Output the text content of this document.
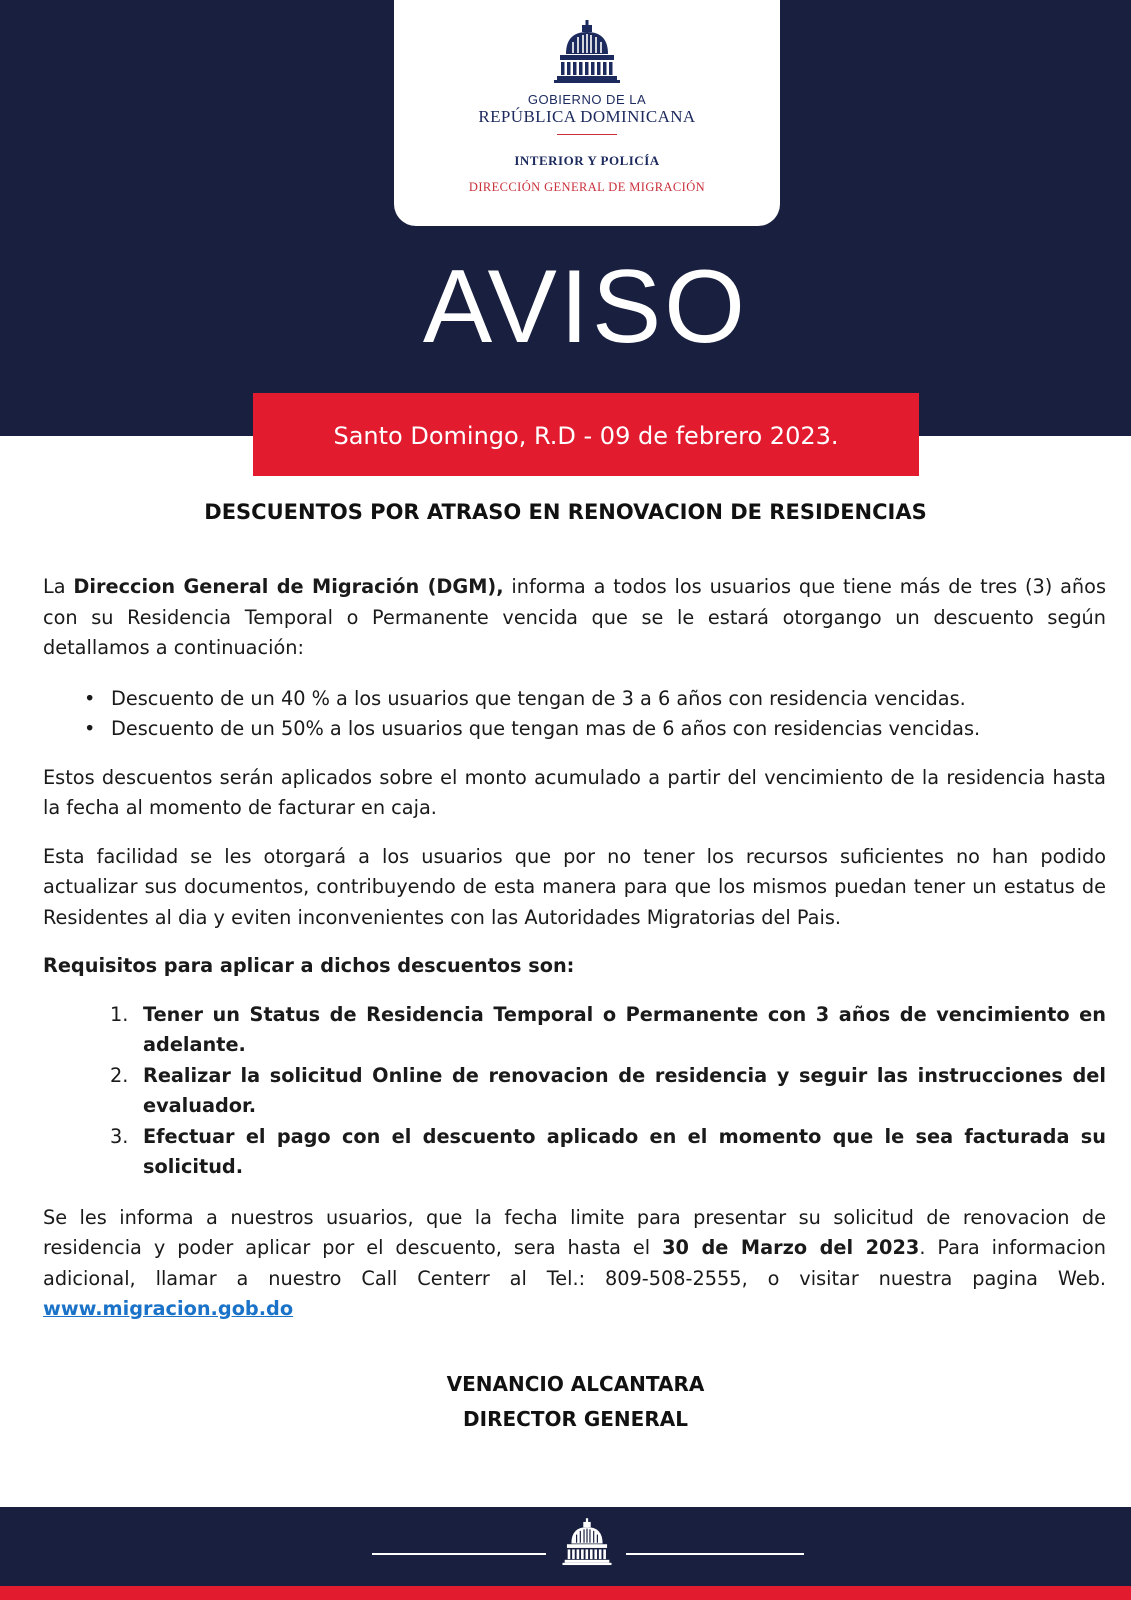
GOBIERNO DE LA
REPÚBLICA DOMINICANA
INTERIOR Y POLICÍA
DIRECCIÓN GENERAL DE MIGRACIÓN
AVISO
Santo Domingo, R.D - 09 de febrero 2023.
DESCUENTOS POR ATRASO EN RENOVACION DE RESIDENCIAS

La Direccion General de Migración (DGM), informa a todos los usuarios que tiene más de tres (3) años con su Residencia Temporal o Permanente vencida que se le estará otorgango un descuento según detallamos a continuación:

• Descuento de un 40 % a los usuarios que tengan de 3 a 6 años con residencia vencidas.
• Descuento de un 50% a los usuarios que tengan mas de 6 años con residencias vencidas.

Estos descuentos serán aplicados sobre el monto acumulado a partir del vencimiento de la residencia hasta la fecha al momento de facturar en caja.

Esta facilidad se les otorgará a los usuarios que por no tener los recursos suficientes no han podido actualizar sus documentos, contribuyendo de esta manera para que los mismos puedan tener un estatus de Residentes al dia y eviten inconvenientes con las Autoridades Migratorias del Pais.

Requisitos para aplicar a dichos descuentos son:

1. Tener un Status de Residencia Temporal o Permanente con 3 años de vencimiento en adelante.
2. Realizar la solicitud Online de renovacion de residencia y seguir las instrucciones del evaluador.
3. Efectuar el pago con el descuento aplicado en el momento que le sea facturada su solicitud.

Se les informa a nuestros usuarios, que la fecha limite para presentar su solicitud de renovacion de residencia y poder aplicar por el descuento, sera hasta el 30 de Marzo del 2023. Para informacion adicional, llamar a nuestro Call Centerr al Tel.: 809-508-2555, o visitar nuestra pagina Web. www.migracion.gob.do

VENANCIO ALCANTARA
DIRECTOR GENERAL
